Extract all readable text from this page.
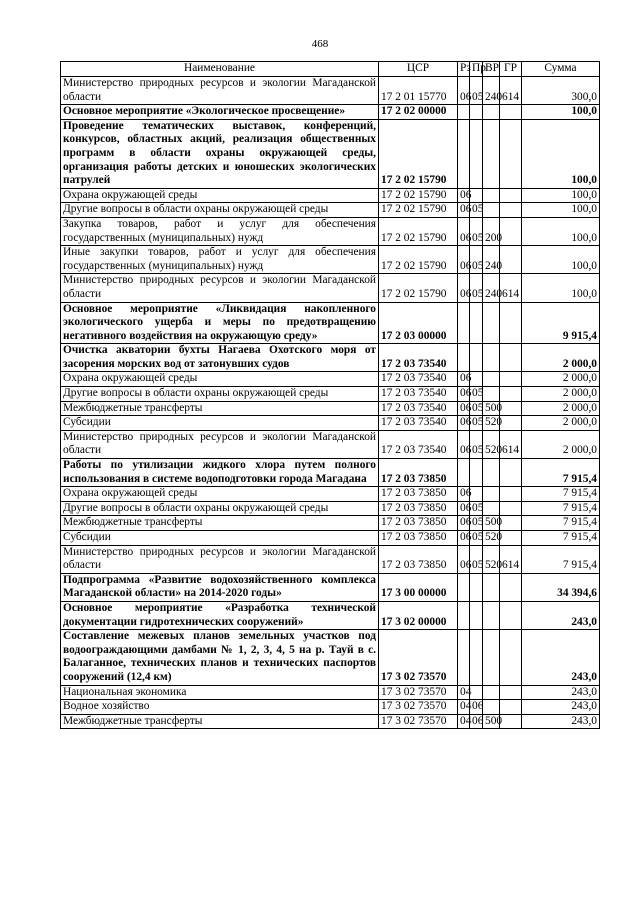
468
Наименование	ЦСР	Рз	Пр	ВР	ГР	Сумма
Министерство природных ресурсов и экологии Магаданской области	17 2 01 15770	06	05	240	614	300,0
Основное мероприятие «Экологическое просвещение»	17 2 02 00000					100,0
Проведение тематических выставок, конференций, конкурсов, областных акций, реализация общественных программ в области охраны окружающей среды, организация работы детских и юношеских экологических патрулей	17 2 02 15790					100,0
Охрана окружающей среды	17 2 02 15790	06				100,0
Другие вопросы в области охраны окружающей среды	17 2 02 15790	06	05			100,0
Закупка товаров, работ и услуг для обеспечения государственных (муниципальных) нужд	17 2 02 15790	06	05	200		100,0
Иные закупки товаров, работ и услуг для обеспечения государственных (муниципальных) нужд	17 2 02 15790	06	05	240		100,0
Министерство природных ресурсов и экологии Магаданской области	17 2 02 15790	06	05	240	614	100,0
Основное мероприятие «Ликвидация накопленного экологического ущерба и меры по предотвращению негативного воздействия на окружающую среду»	17 2 03 00000					9 915,4
Очистка акватории бухты Нагаева Охотского моря от засорения морских вод от затонувших судов	17 2 03 73540					2 000,0
Охрана окружающей среды	17 2 03 73540	06				2 000,0
Другие вопросы в области охраны окружающей среды	17 2 03 73540	06	05			2 000,0
Межбюджетные трансферты	17 2 03 73540	06	05	500		2 000,0
Субсидии	17 2 03 73540	06	05	520		2 000,0
Министерство природных ресурсов и экологии Магаданской области	17 2 03 73540	06	05	520	614	2 000,0
Работы по утилизации жидкого хлора путем полного использования в системе водоподготовки города Магадана	17 2 03 73850					7 915,4
Охрана окружающей среды	17 2 03 73850	06				7 915,4
Другие вопросы в области охраны окружающей среды	17 2 03 73850	06	05			7 915,4
Межбюджетные трансферты	17 2 03 73850	06	05	500		7 915,4
Субсидии	17 2 03 73850	06	05	520		7 915,4
Министерство природных ресурсов и экологии Магаданской области	17 2 03 73850	06	05	520	614	7 915,4
Подпрограмма «Развитие водохозяйственного комплекса Магаданской области» на 2014-2020 годы»	17 3 00 00000					34 394,6
Основное мероприятие «Разработка технической документации гидротехнических сооружений»	17 3 02 00000					243,0
Составление межевых планов земельных участков под водоограждающими дамбами № 1, 2, 3, 4, 5 на р. Тауй в с. Балаганное, технических планов и технических паспортов сооружений (12,4 км)	17 3 02 73570					243,0
Национальная экономика	17 3 02 73570	04				243,0
Водное хозяйство	17 3 02 73570	04	06			243,0
Межбюджетные трансферты	17 3 02 73570	04	06	500		243,0
